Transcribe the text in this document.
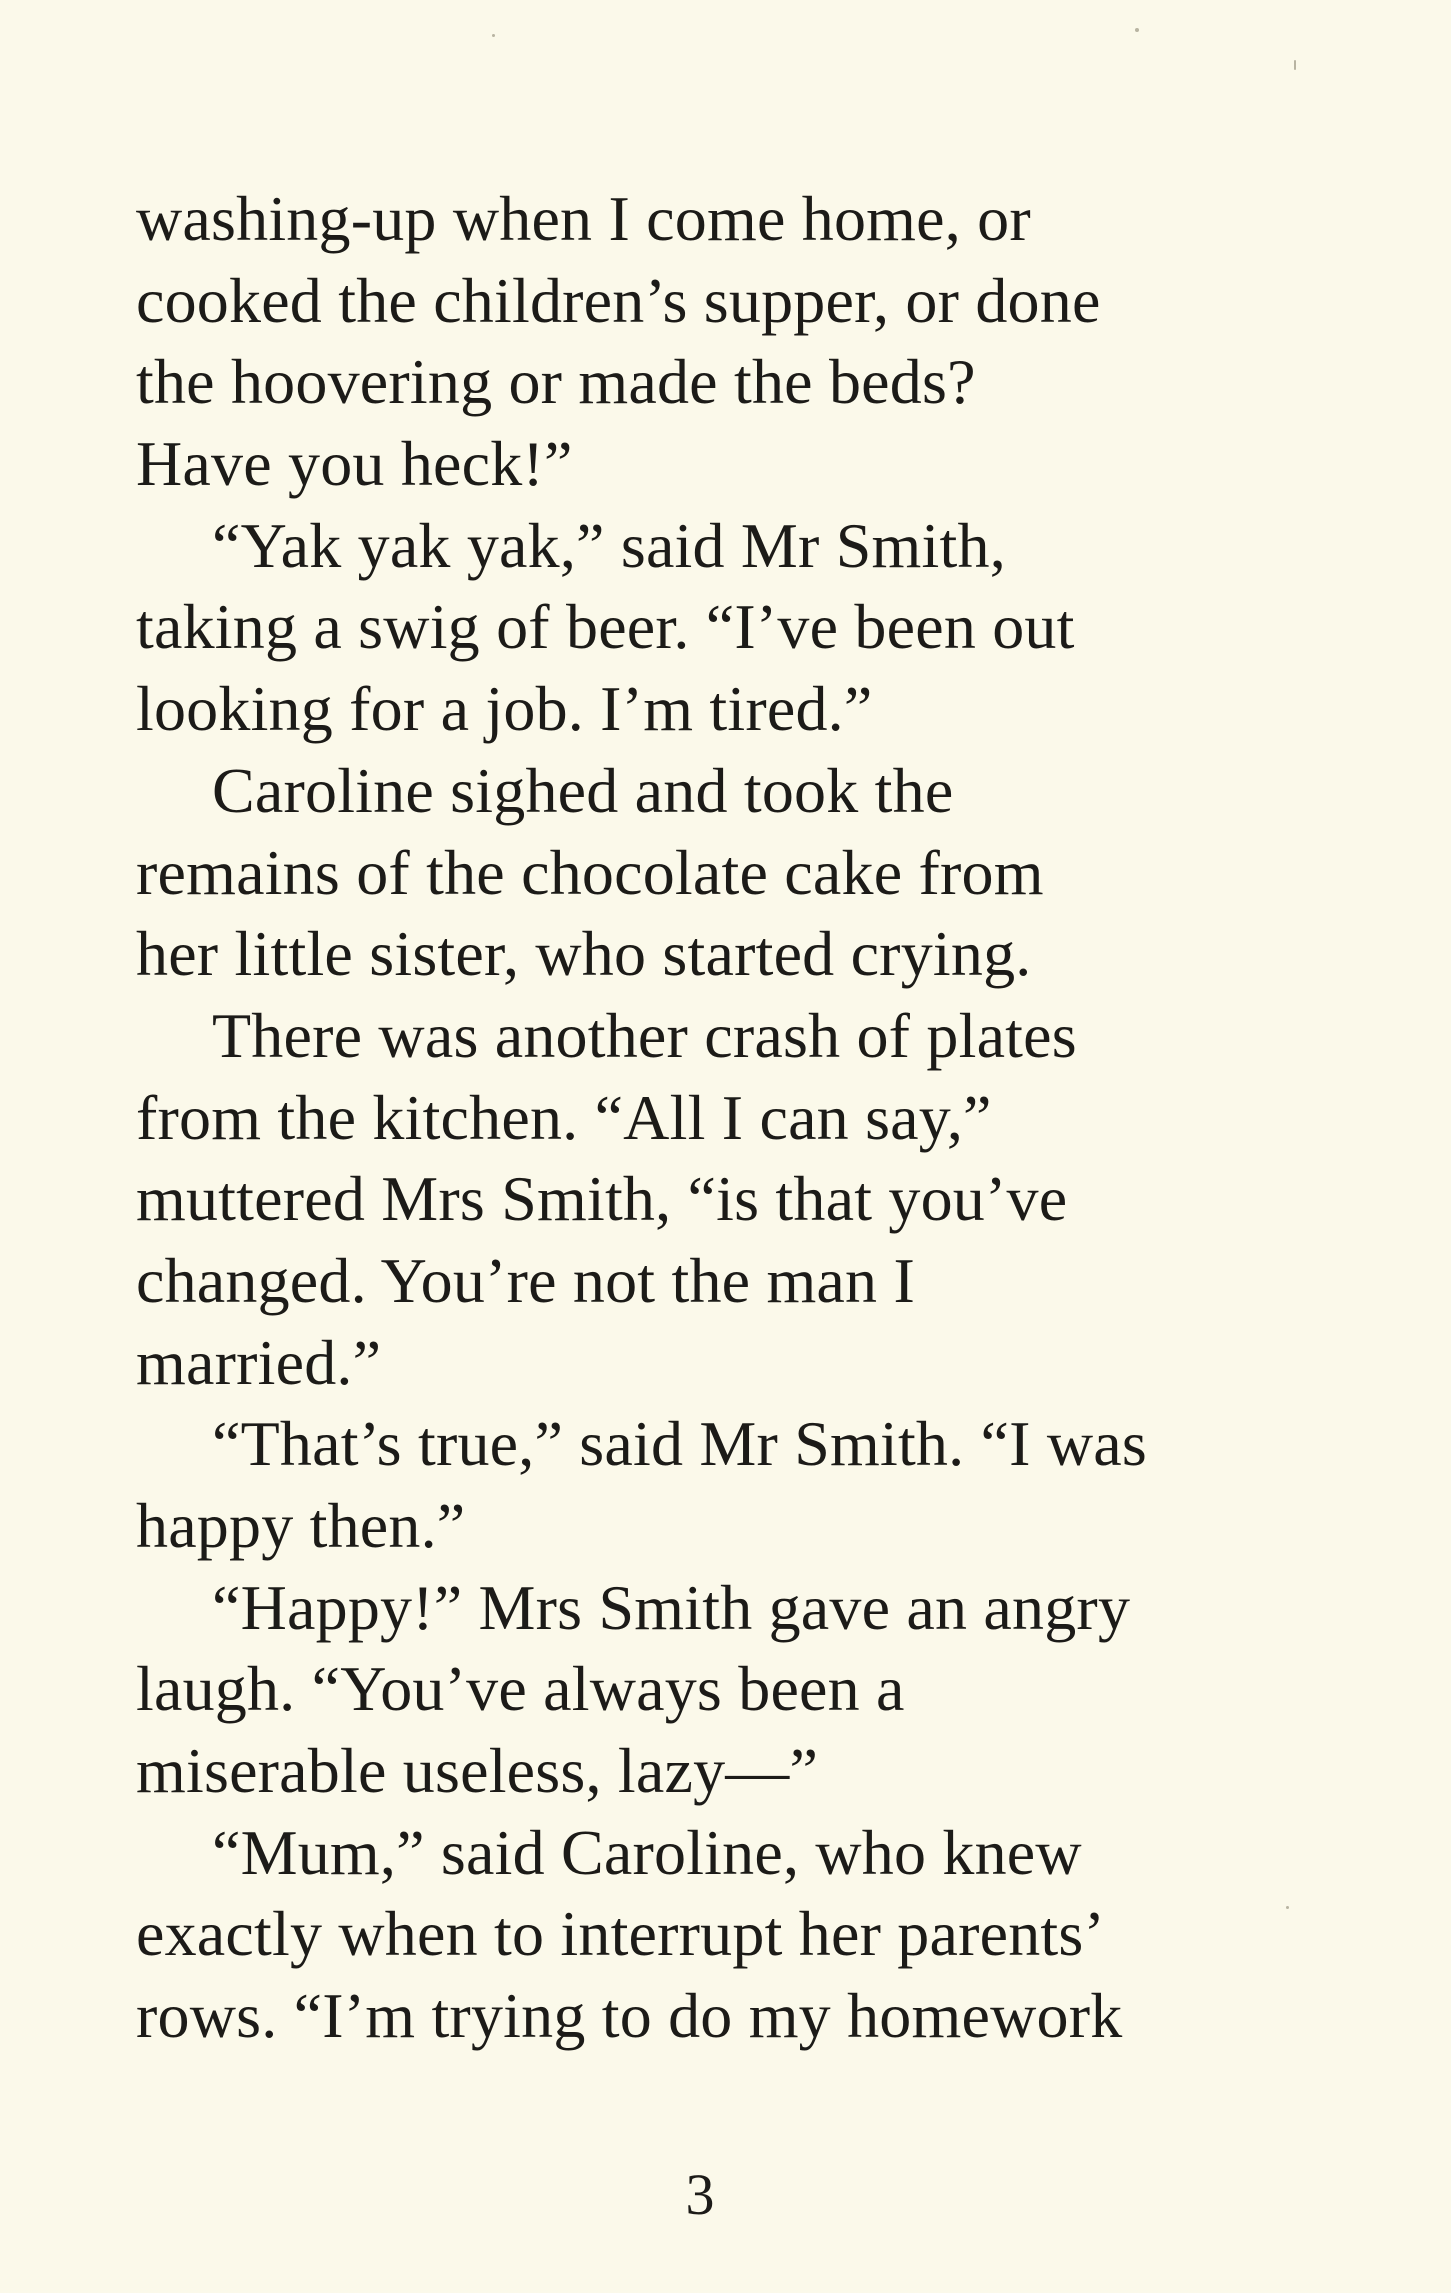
washing-up when I come home, or
cooked the children’s supper, or done
the hoovering or made the beds?
Have you heck!”
“Yak yak yak,” said Mr Smith,
taking a swig of beer. “I’ve been out
looking for a job. I’m tired.”
Caroline sighed and took the
remains of the chocolate cake from
her little sister, who started crying.
There was another crash of plates
from the kitchen. “All I can say,”
muttered Mrs Smith, “is that you’ve
changed. You’re not the man I
married.”
“That’s true,” said Mr Smith. “I was
happy then.”
“Happy!” Mrs Smith gave an angry
laugh. “You’ve always been a
miserable useless, lazy—”
“Mum,” said Caroline, who knew
exactly when to interrupt her parents’
rows. “I’m trying to do my homework
3
